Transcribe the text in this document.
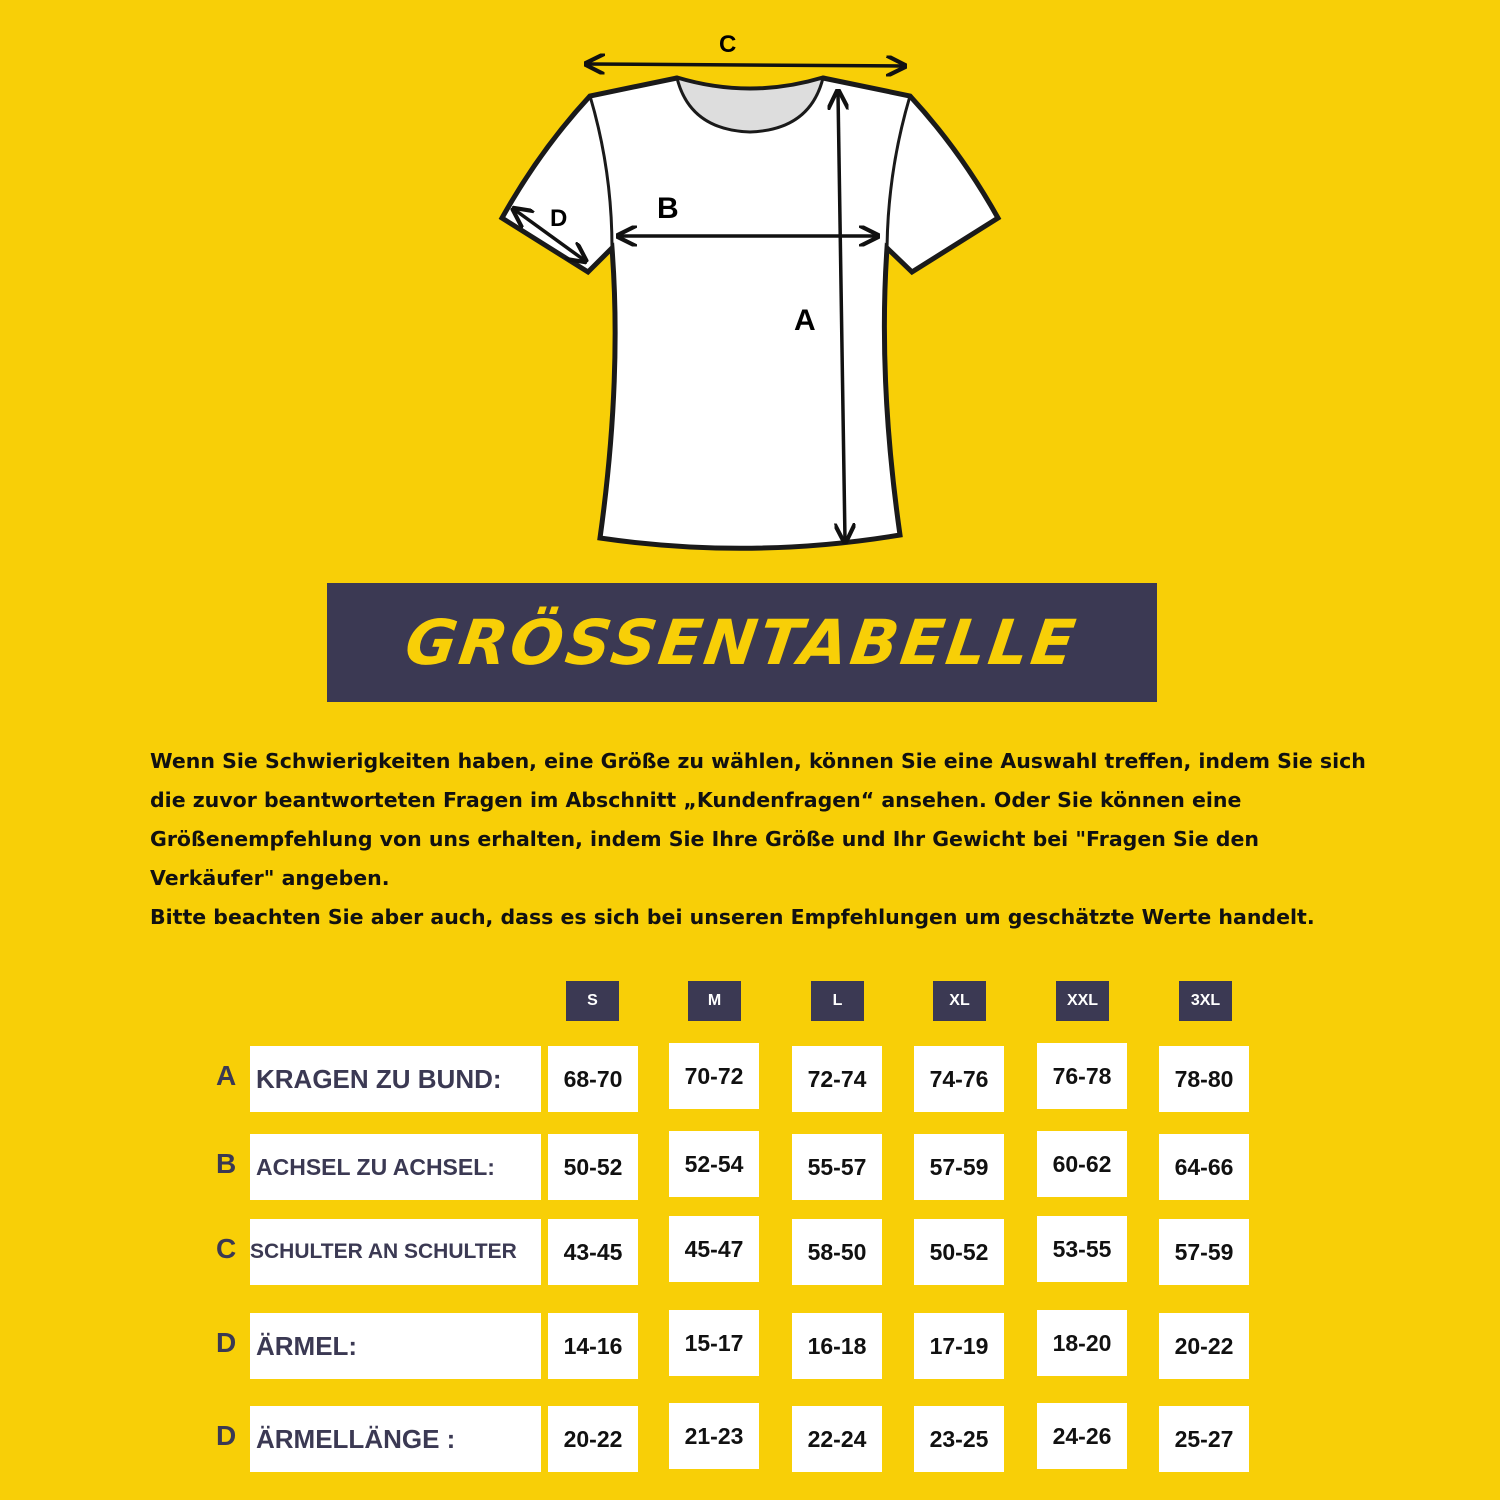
C
B
A
D
GRÖSSENTABELLE

Wenn Sie Schwierigkeiten haben, eine Größe zu wählen, können Sie eine Auswahl treffen, indem Sie sich die zuvor beantworteten Fragen im Abschnitt „Kundenfragen“ ansehen. Oder Sie können eine Größenempfehlung von uns erhalten, indem Sie Ihre Größe und Ihr Gewicht bei "Fragen Sie den Verkäufer" angeben.

Bitte beachten Sie aber auch, dass es sich bei unseren Empfehlungen um geschätzte Werte handelt.

S	M	L	XL	XXL	3XL
A KRAGEN ZU BUND:	68-70	70-72	72-74	74-76	76-78	78-80
B ACHSEL ZU ACHSEL:	50-52	52-54	55-57	57-59	60-62	64-66
C SCHULTER AN SCHULTER	43-45	45-47	58-50	50-52	53-55	57-59
D ÄRMEL:	14-16	15-17	16-18	17-19	18-20	20-22
D ÄRMELLÄNGE :	20-22	21-23	22-24	23-25	24-26	25-27
